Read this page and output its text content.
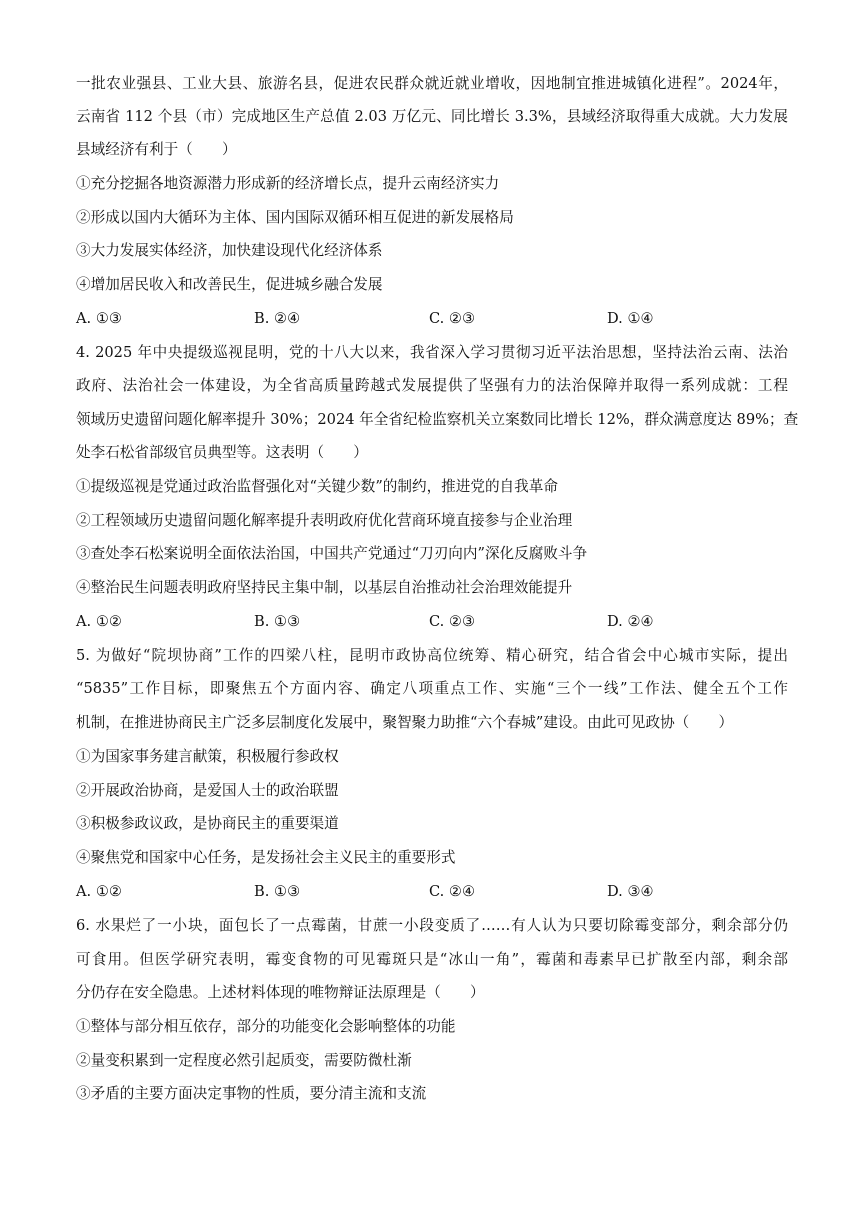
一批农业强县、工业大县、旅游名县，促进农民群众就近就业增收，因地制宜推进城镇化进程”。2024年，
云南省 112 个县（市）完成地区生产总值 2.03 万亿元、同比增长 3.3%，县域经济取得重大成就。大力发展
县域经济有利于（　　）
①充分挖掘各地资源潜力形成新的经济增长点，提升云南经济实力
②形成以国内大循环为主体、国内国际双循环相互促进的新发展格局
③大力发展实体经济，加快建设现代化经济体系
④增加居民收入和改善民生，促进城乡融合发展
A. ①③	B. ②④	C. ②③	D. ①④
4. 2025 年中央提级巡视昆明，党的十八大以来，我省深入学习贯彻习近平法治思想，坚持法治云南、法治
政府、法治社会一体建设，为全省高质量跨越式发展提供了坚强有力的法治保障并取得一系列成就：工程
领域历史遗留问题化解率提升 30%；2024 年全省纪检监察机关立案数同比增长 12%，群众满意度达 89%；查
处李石松省部级官员典型等。这表明（　　）
①提级巡视是党通过政治监督强化对“关键少数”的制约，推进党的自我革命
②工程领域历史遗留问题化解率提升表明政府优化营商环境直接参与企业治理
③查处李石松案说明全面依法治国，中国共产党通过“刀刃向内”深化反腐败斗争
④整治民生问题表明政府坚持民主集中制，以基层自治推动社会治理效能提升
A. ①②	B. ①③	C. ②③	D. ②④
5. 为做好“院坝协商”工作的四梁八柱，昆明市政协高位统筹、精心研究，结合省会中心城市实际，提出
“5835”工作目标，即聚焦五个方面内容、确定八项重点工作、实施“三个一线”工作法、健全五个工作
机制，在推进协商民主广泛多层制度化发展中，聚智聚力助推“六个春城”建设。由此可见政协（　　）
①为国家事务建言献策，积极履行参政权
②开展政治协商，是爱国人士的政治联盟
③积极参政议政，是协商民主的重要渠道
④聚焦党和国家中心任务，是发扬社会主义民主的重要形式
A. ①②	B. ①③	C. ②④	D. ③④
6. 水果烂了一小块，面包长了一点霉菌，甘蔗一小段变质了……有人认为只要切除霉变部分，剩余部分仍
可食用。但医学研究表明，霉变食物的可见霉斑只是“冰山一角”，霉菌和毒素早已扩散至内部，剩余部
分仍存在安全隐患。上述材料体现的唯物辩证法原理是（　　）
①整体与部分相互依存，部分的功能变化会影响整体的功能
②量变积累到一定程度必然引起质变，需要防微杜渐
③矛盾的主要方面决定事物的性质，要分清主流和支流
